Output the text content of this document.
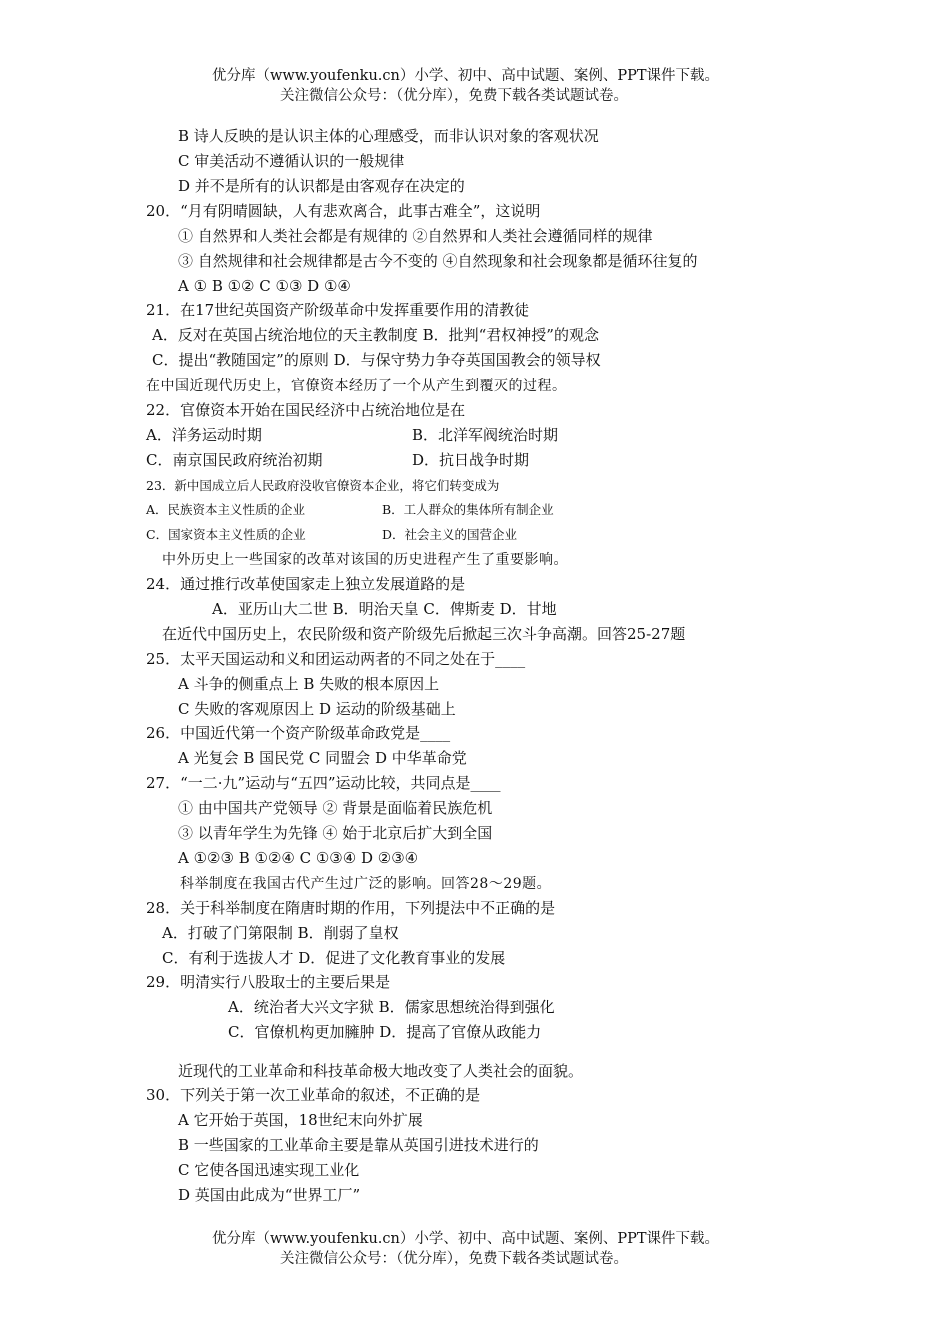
优分库（www.youfenku.cn）小学、初中、高中试题、案例、PPT课件下载。
关注微信公众号：（优分库），免费下载各类试题试卷。
B 诗人反映的是认识主体的心理感受，而非认识对象的客观状况
C 审美活动不遵循认识的一般规律
D 并不是所有的认识都是由客观存在决定的
20．“月有阴晴圆缺，人有悲欢离合，此事古难全”，这说明
① 自然界和人类社会都是有规律的 ②自然界和人类社会遵循同样的规律
③ 自然规律和社会规律都是古今不变的 ④自然现象和社会现象都是循环往复的
A ① B ①② C ①③ D ①④
21．在17世纪英国资产阶级革命中发挥重要作用的清教徒
A．反对在英国占统治地位的天主教制度 B．批判“君权神授”的观念
C．提出“教随国定”的原则 D．与保守势力争夺英国国教会的领导权
在中国近现代历史上，官僚资本经历了一个从产生到覆灭的过程。
22．官僚资本开始在国民经济中占统治地位是在
A．洋务运动时期	B．北洋军阀统治时期
C．南京国民政府统治初期	D．抗日战争时期
23．新中国成立后人民政府没收官僚资本企业，将它们转变成为
A．民族资本主义性质的企业	B．工人群众的集体所有制企业
C．国家资本主义性质的企业	D．社会主义的国营企业
中外历史上一些国家的改革对该国的历史进程产生了重要影响。
24．通过推行改革使国家走上独立发展道路的是
A．亚历山大二世 B．明治天皇 C．俾斯麦 D．甘地
在近代中国历史上，农民阶级和资产阶级先后掀起三次斗争高潮。回答25-27题
25．太平天国运动和义和团运动两者的不同之处在于____
A 斗争的侧重点上 B 失败的根本原因上
C 失败的客观原因上 D 运动的阶级基础上
26．中国近代第一个资产阶级革命政党是____
A 光复会 B 国民党 C 同盟会 D 中华革命党
27．“一二·九”运动与“五四”运动比较，共同点是____
① 由中国共产党领导 ② 背景是面临着民族危机
③ 以青年学生为先锋 ④ 始于北京后扩大到全国
A ①②③ B ①②④ C ①③④ D ②③④
科举制度在我国古代产生过广泛的影响。回答28～29题。
28．关于科举制度在隋唐时期的作用，下列提法中不正确的是
A．打破了门第限制 B．削弱了皇权
C．有利于选拔人才 D．促进了文化教育事业的发展
29．明清实行八股取士的主要后果是
A．统治者大兴文字狱 B．儒家思想统治得到强化
C．官僚机构更加臃肿 D．提高了官僚从政能力
近现代的工业革命和科技革命极大地改变了人类社会的面貌。
30．下列关于第一次工业革命的叙述，不正确的是
A 它开始于英国，18世纪末向外扩展
B 一些国家的工业革命主要是靠从英国引进技术进行的
C 它使各国迅速实现工业化
D 英国由此成为“世界工厂”
优分库（www.youfenku.cn）小学、初中、高中试题、案例、PPT课件下载。
关注微信公众号：（优分库），免费下载各类试题试卷。
